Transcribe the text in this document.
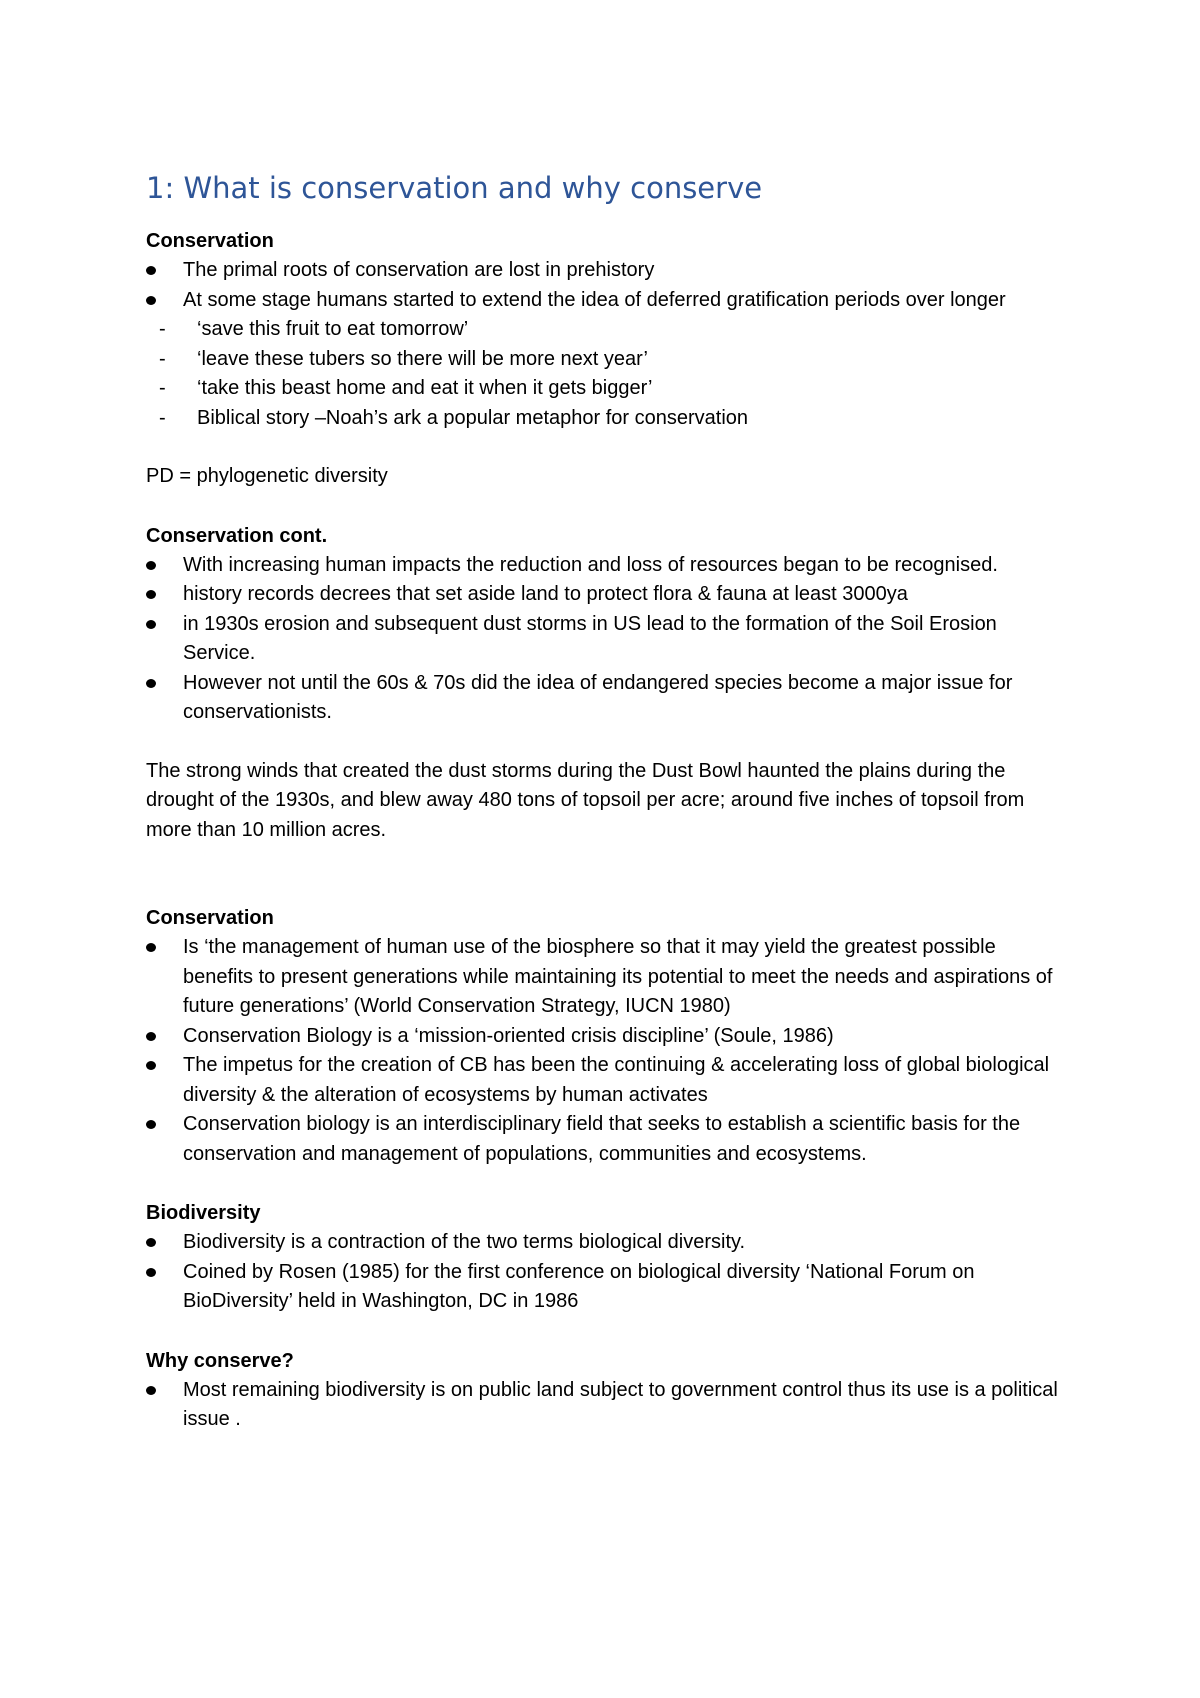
1: What is conservation and why conserve

Conservation

The primal roots of conservation are lost in prehistory
At some stage humans started to extend the idea of deferred gratification periods over longer
- ‘save this fruit to eat tomorrow’
- ‘leave these tubers so there will be more next year’
- ‘take this beast home and eat it when it gets bigger’
- Biblical story –Noah’s ark a popular metaphor for conservation

PD = phylogenetic diversity

Conservation cont.

With increasing human impacts the reduction and loss of resources began to be recognised.
history records decrees that set aside land to protect flora & fauna at least 3000ya
in 1930s erosion and subsequent dust storms in US lead to the formation of the Soil Erosion Service.
However not until the 60s & 70s did the idea of endangered species become a major issue for conservationists.

The strong winds that created the dust storms during the Dust Bowl haunted the plains during the drought of the 1930s, and blew away 480 tons of topsoil per acre; around five inches of topsoil from more than 10 million acres.

Conservation

Is ‘the management of human use of the biosphere so that it may yield the greatest possible benefits to present generations while maintaining its potential to meet the needs and aspirations of future generations’ (World Conservation Strategy, IUCN 1980)
Conservation Biology is a ‘mission-oriented crisis discipline’ (Soule, 1986)
The impetus for the creation of CB has been the continuing & accelerating loss of global biological diversity & the alteration of ecosystems by human activates
Conservation biology is an interdisciplinary field that seeks to establish a scientific basis for the conservation and management of populations, communities and ecosystems.

Biodiversity

Biodiversity is a contraction of the two terms biological diversity.
Coined by Rosen (1985) for the first conference on biological diversity ‘National Forum on BioDiversity’ held in Washington, DC in 1986

Why conserve?

Most remaining biodiversity is on public land subject to government control thus its use is a political issue .
